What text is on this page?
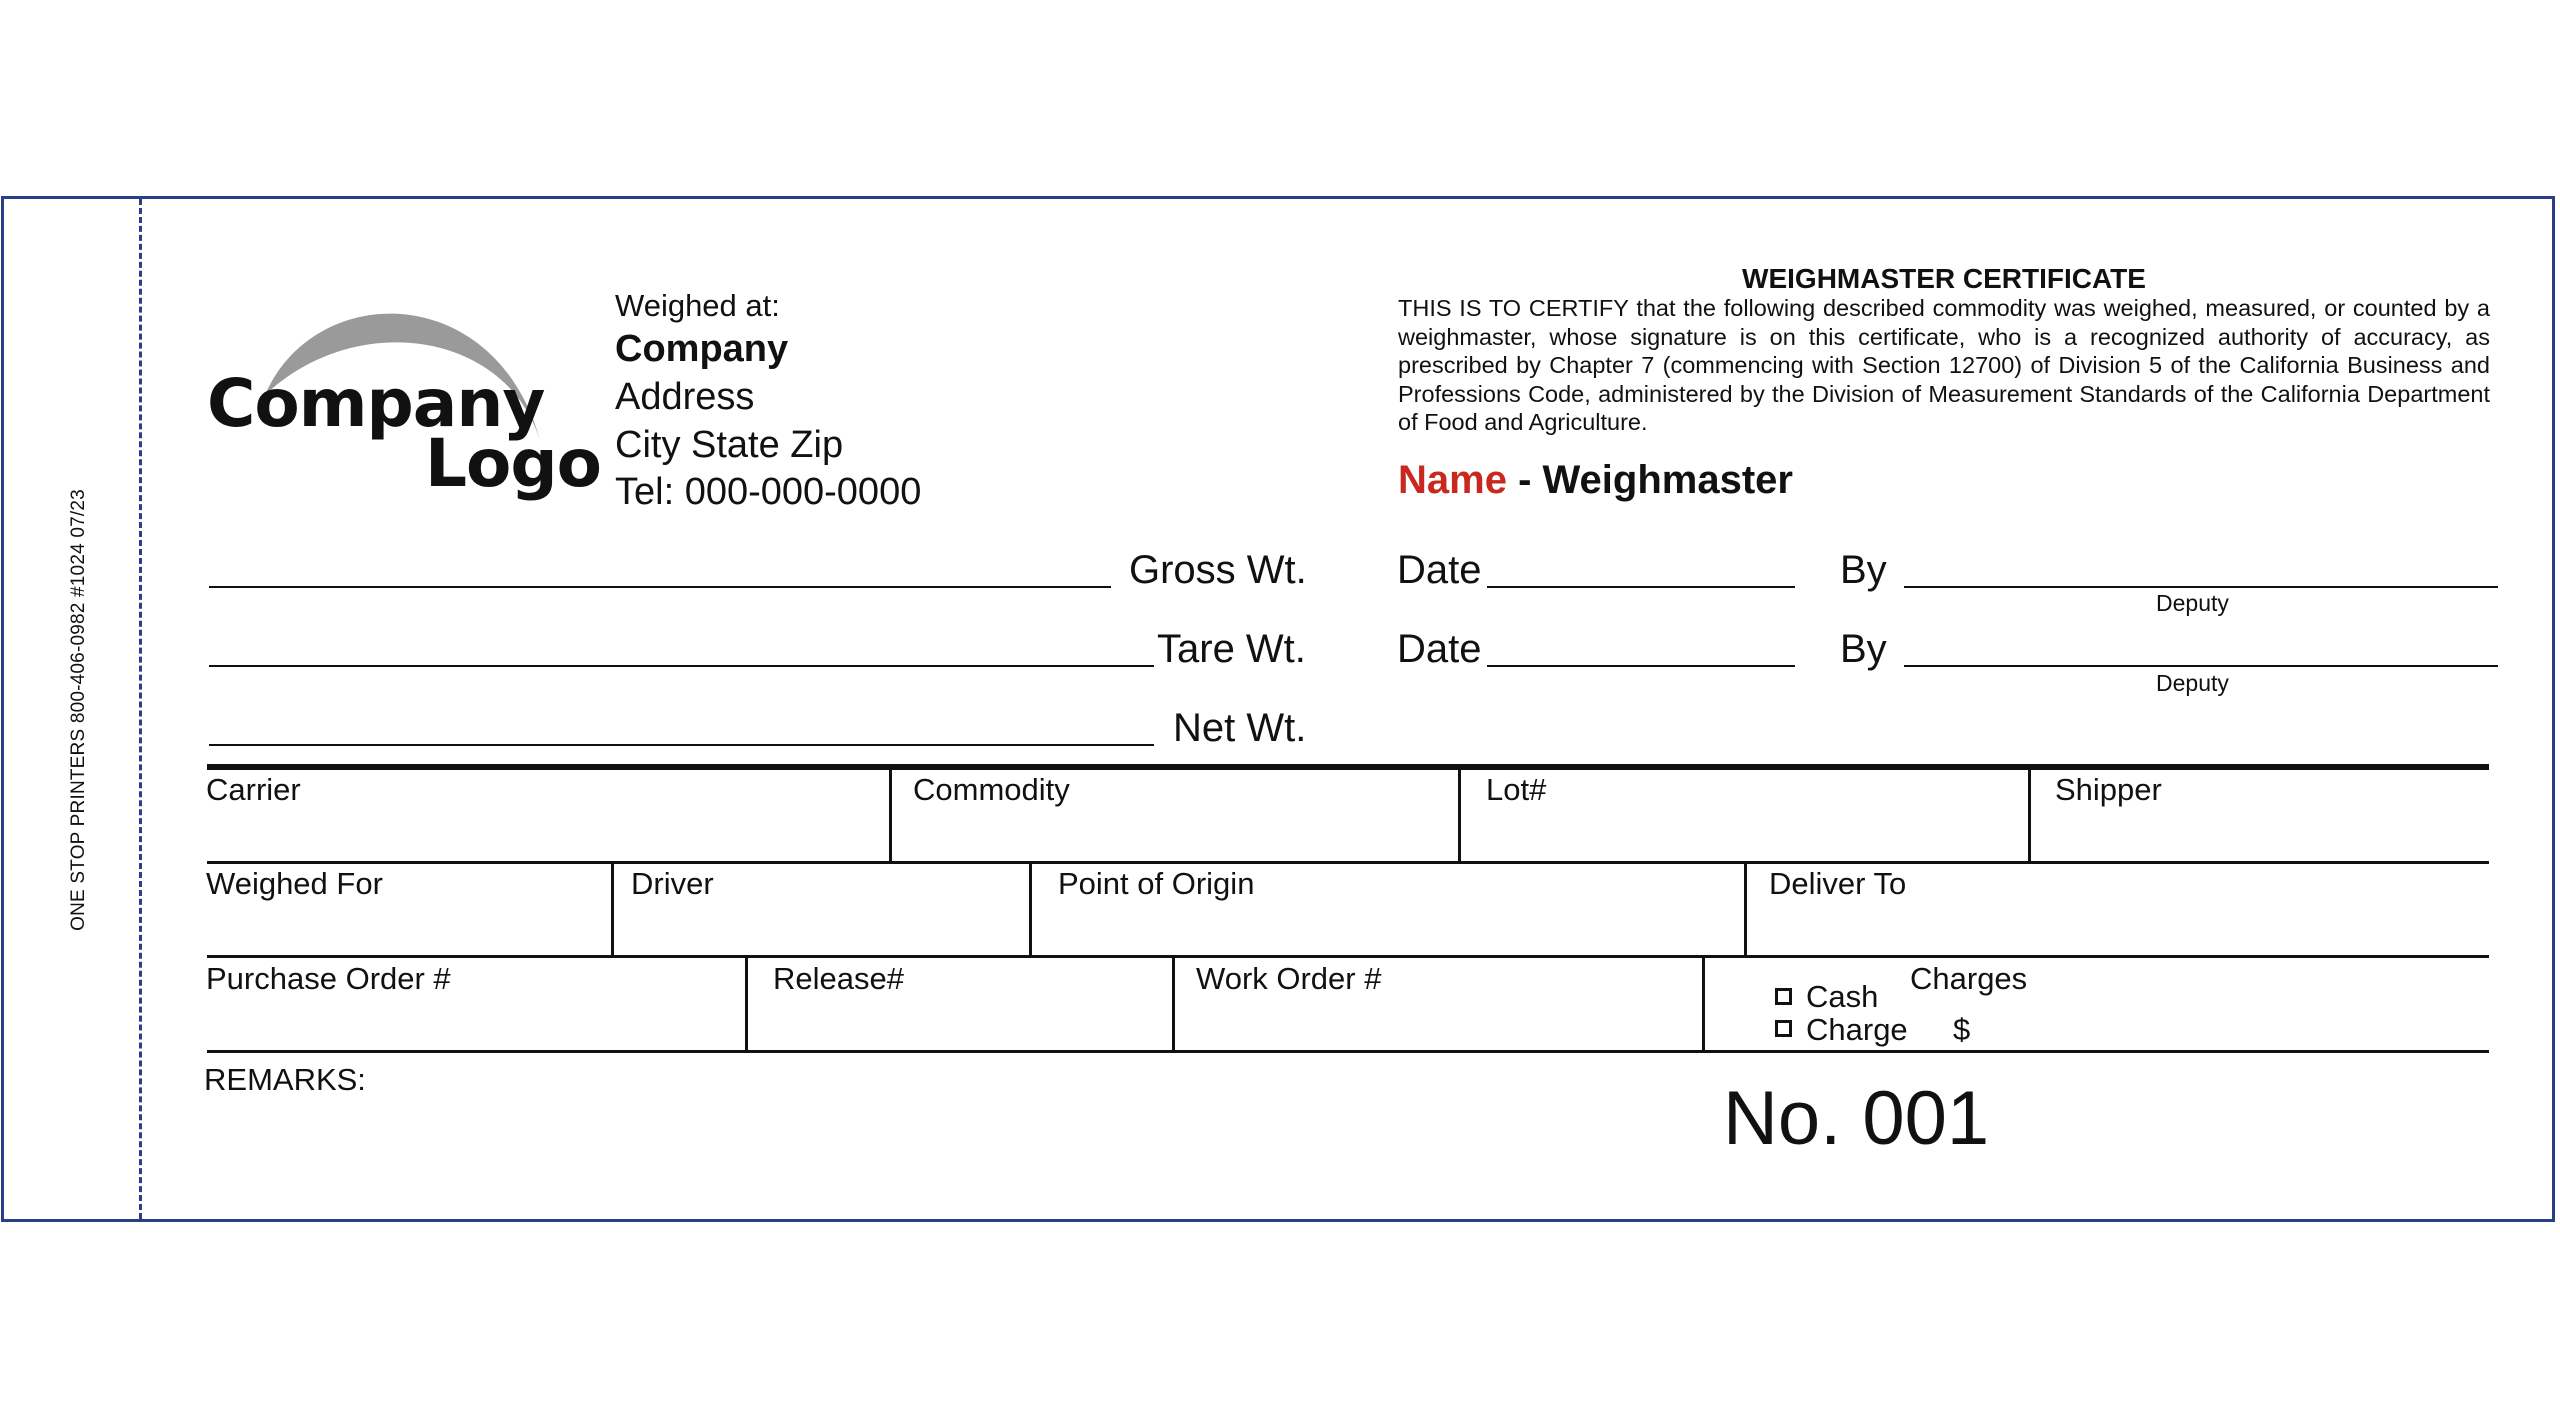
ONE STOP PRINTERS 800-406-0982 #1024 07/23
Company
Logo
Weighed at:
Company
Address
City State Zip
Tel: 000-000-0000
WEIGHMASTER CERTIFICATE
THIS IS TO CERTIFY that the following described commodity was weighed, measured, or counted by a weighmaster, whose signature is on this certificate, who is a recognized authority of accuracy, as prescribed by Chapter 7 (commencing with Section 12700) of Division 5 of the California Business and Professions Code, administered by the Division of Measurement Standards of the California Department of Food and Agriculture.
Name - Weighmaster
Gross Wt.
Tare Wt.
Net Wt.
Date	By
Deputy
Date	By
Deputy
Carrier	Commodity	Lot#	Shipper
Weighed For	Driver	Point of Origin	Deliver To
Purchase Order #	Release#	Work Order #	Charges
Cash
Charge $
REMARKS:	No. 001
